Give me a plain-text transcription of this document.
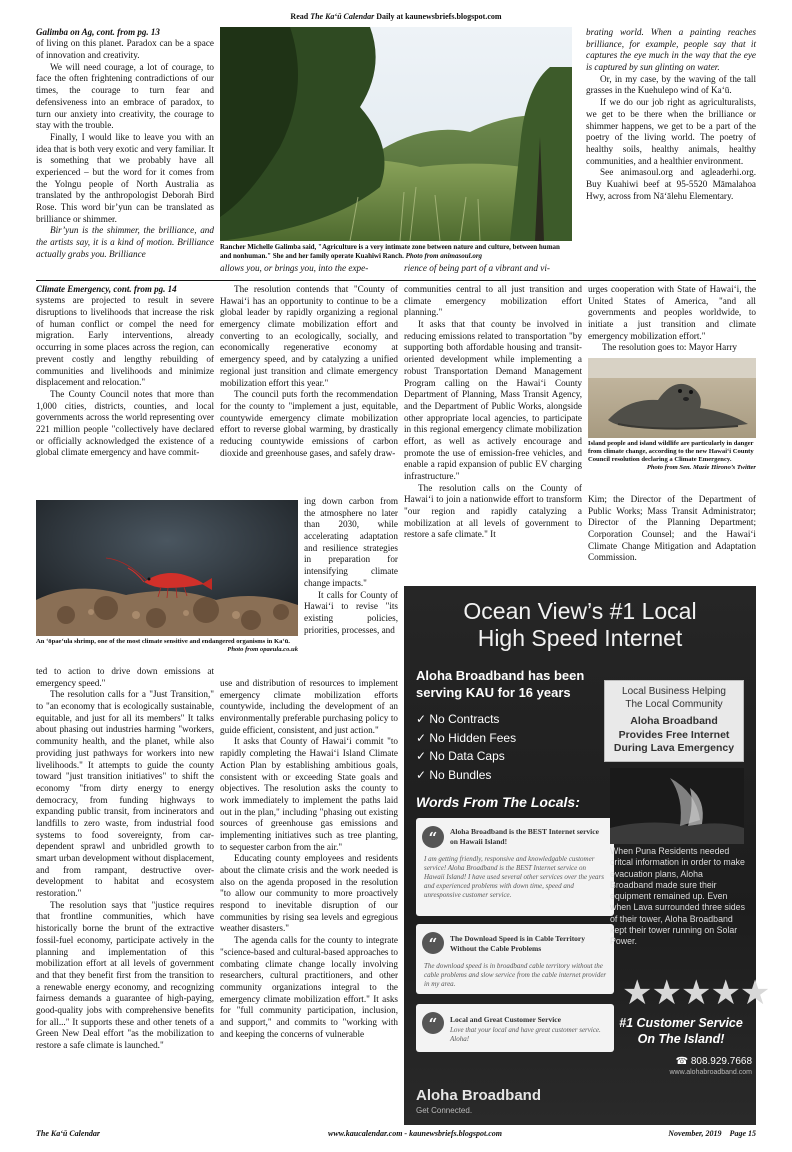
Read The Ka‘ū Calendar Daily at kaunewsbriefs.blogspot.com
Galimba on Ag, cont. from pg. 13

of living on this planet. Paradox can be a space of innovation and creativity.

We will need courage, a lot of courage, to face the often frightening contradictions of our times, the courage to turn fear and defensiveness into an embrace of paradox, to turn our anxiety into creativity, the courage to stay with the trouble.

Finally, I would like to leave you with an idea that is both very exotic and very familiar. It is something that we probably have all experienced – but the word for it comes from the Yolngu people of North Australia as translated by the anthropologist Deborah Bird Rose. This word bir’yun can be translated as brilliance or shimmer.

Bir’yun is the shimmer, the brilliance, and the artists say, it is a kind of motion. Brilliance actually grabs you. Brilliance

Rancher Michelle Galimba said, "Agriculture is a very intimate zone between nature and culture, between human and nonhuman." She and her family operate Kuahiwi Ranch. Photo from animasoul.org
allows you, or brings you, into the expe-	rience of being part of a vibrant and vi-

brating world. When a painting reaches brilliance, for example, people say that it captures the eye much in the way that the eye is captured by sun glinting on water.

Or, in my case, by the waving of the tall grasses in the Kuehulepo wind of Ka‘ū.

If we do our job right as agriculturalists, we get to be there when the brilliance or shimmer happens, we get to be a part of the poetry of the living world. The poetry of healthy soils, healthy animals, healthy communities, and a healthier environment.

See animasoul.org and agleaderhi.org. Buy Kuahiwi beef at 95-5520 Māmalahoa Hwy, across from Nā‘ālehu Elementary.

Climate Emergency, cont. from pg. 14

systems are projected to result in severe disruptions to livelihoods that increase the risk of human conflict or compel the need for migration. Early interventions, already occurring in some places across the region, can prevent costly and lengthy rebuilding of communities and livelihoods and minimize displacement and relocation."

The County Council notes that more than 1,000 cities, districts, counties, and local governments across the world representing over 221 million people "collectively have declared or officially acknowledged the existence of a global climate emergency and have commit-

An ‘ōpae‘ula shrimp, one of the most climate sensitive and endangered organisms in Ka‘ū.
Photo from opaeula.co.uk

ted to action to drive down emissions at emergency speed."

The resolution calls for a "Just Transition," to "an economy that is ecologically sustainable, equitable, and just for all its members" It talks about phasing out industries harming "workers, community health, and the planet, while also providing just pathways for workers into new livelihoods." It attempts to guide the county toward "just transition initiatives" to shift the economy "from dirty energy to energy democracy, from funding highways to expanding public transit, from incinerators and landfills to zero waste, from industrial food systems to food sovereignty, from car- dependent sprawl and unbridled growth to smart urban development without displacement, and from rampant, destructive over-development to habitat and ecosystem restoration."

The resolution says that "justice requires that frontline communities, which have historically borne the brunt of the extractive fossil-fuel economy, participate actively in the planning and implementation of this mobilization effort at all levels of government and that they benefit first from the transition to a renewable energy economy, and recognizing fairness demands a guarantee of high-paying, good-quality jobs with comprehensive benefits for all..." It supports these and other tenets of a Green New Deal effort "as the mobilization to restore a safe climate is launched."

The resolution contends that "County of Hawai‘i has an opportunity to continue to be a global leader by rapidly organizing a regional emergency climate mobilization effort and converting to an ecologically, socially, and economically regenerative economy at emergency speed, and by catalyzing a unified regional just transition and climate emergency mobilization effort this year."

The council puts forth the recommendation for the county to "implement a just, equitable, countywide emergency climate mobilization effort to reverse global warming, by drastically reducing countywide emissions of carbon dioxide and greenhouse gases, and safely draw-

ing down carbon from the atmosphere no later than 2030, while accelerating adaptation and resilience strategies in preparation for intensifying climate change impacts."

It calls for County of Hawai‘i to revise "its existing policies, priorities, processes, and

use and distribution of resources to implement emergency climate mobilization efforts countywide, including the development of an environmentally preferable purchasing policy to guide efficient, consistent, and just action."

It asks that County of Hawai‘i commit "to rapidly completing the Hawai‘i Island Climate Action Plan by establishing ambitious goals, consistent with or exceeding State goals and objectives. The resolution asks the county to work immediately to implement the paths laid out in the plan," including "phasing out existing sources of greenhouse gas emissions and implementing initiatives such as tree planting, to sequester carbon from the air."

Educating county employees and residents about the climate crisis and the work needed is also on the agenda proposed in the resolution "to allow our community to more proactively respond to inevitable disruption of our communities by rising sea levels and egregious weather disasters."

The agenda calls for the county to integrate "science-based and cultural-based approaches to combating climate change locally involving researchers, cultural practitioners, and other community organizations integral to the emergency climate mobilization effort." It asks for "full community participation, inclusion, and support," and commits to "working with and keeping the concerns of vulnerable

communities central to all just transition and climate emergency mobilization effort planning."

It asks that that county be involved in reducing emissions related to transportation "by supporting both affordable housing and transit-oriented development while implementing a robust Transportation Demand Management Program calling on the Hawai‘i County Department of Planning, Mass Transit Agency, and the Department of Public Works, alongside other appropriate local agencies, to participate in this regional emergency climate mobilization effort, as well as actively encourage and promote the use of emission-free vehicles, and enable a rapid expansion of public EV charging infrastructure."

The resolution calls on the County of Hawai‘i to join a nationwide effort to transform "our region and rapidly catalyzing a mobilization at all levels of government to restore a safe climate." It

urges cooperation with State of Hawai‘i, the United States of America, "and all governments and peoples worldwide, to initiate a just transition and climate emergency mobilization effort."

The resolution goes to: Mayor Harry

Island people and island wildlife are particularly in danger from climate change, according to the new Hawai‘i County Council resolution declaring a Climate Emergency.
Photo from Sen. Mazie Hirono’s Twitter

Kim; the Director of the Department of Public Works; Mass Transit Administrator; Director of the Planning Department; Corporation Counsel; and the Hawai‘i Climate Change Mitigation and Adaptation Commission.

Ocean View’s #1 Local
High Speed Internet
Aloha Broadband has been
serving KAU for 16 years
✓ No Contracts
✓ No Hidden Fees
✓ No Data Caps
✓ No Bundles
Words From The Locals:
“	Aloha Broadband is the BEST Internet service on Hawaii Island!
I am getting friendly, responsive and knowledgable customer service! Aloha Broadband is the BEST Internet service on Hawaii Island! I have used several other services over the years and experienced problems with down time, speed and unresponsive customer service.
“	The Download Speed is in Cable Territory Without the Cable Problems
The download speed is in broadband cable territory without the cable problems and slow service from the cable internet provider in my area.
“	Local and Great Customer Service
Love that your local and have great customer service. Aloha!
Local Business Helping
The Local Community
Aloha Broadband
Provides Free Internet
During Lava Emergency
When Puna Residents needed critcal information in order to make evacuation plans, Aloha Broadband made sure their equipment remained up. Even when Lava surrounded three sides of their tower, Aloha Broadband kept their tower running on Solar Power.
★★★★★
#1 Customer Service
On The Island!
☎ 808.929.7668
www.alohabroadband.com
Aloha Broadband
Get Connected.
The Ka‘ū Calendar	www.kaucalendar.com - kaunewsbriefs.blogspot.com	November, 2019    Page 15
